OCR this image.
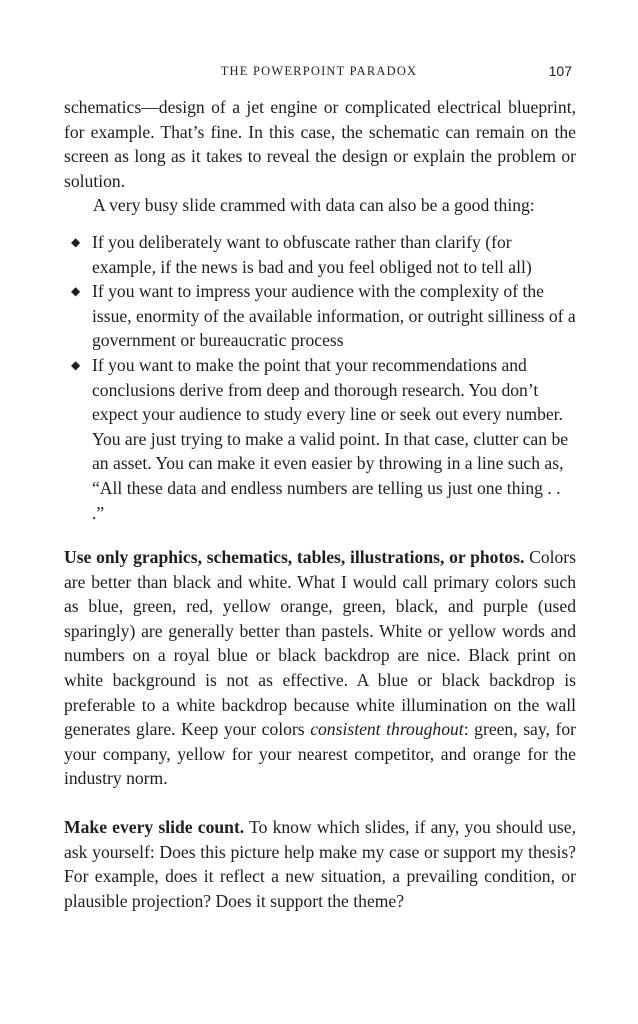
THE POWERPOINT PARADOX	107

schematics—design of a jet engine or complicated electrical blueprint, for example. That’s fine. In this case, the schematic can remain on the screen as long as it takes to reveal the design or explain the problem or solution.

A very busy slide crammed with data can also be a good thing:

◆ If you deliberately want to obfuscate rather than clarify (for example, if the news is bad and you feel obliged not to tell all)
◆ If you want to impress your audience with the complexity of the issue, enormity of the available information, or outright silliness of a government or bureaucratic process
◆ If you want to make the point that your recommendations and conclusions derive from deep and thorough research. You don’t expect your audience to study every line or seek out every number. You are just trying to make a valid point. In that case, clutter can be an asset. You can make it even easier by throwing in a line such as, “All these data and endless numbers are telling us just one thing . . .”

Use only graphics, schematics, tables, illustrations, or photos. Colors are better than black and white. What I would call primary colors such as blue, green, red, yellow orange, green, black, and purple (used sparingly) are generally better than pastels. White or yellow words and numbers on a royal blue or black backdrop are nice. Black print on white background is not as effective. A blue or black backdrop is preferable to a white backdrop because white illumination on the wall generates glare. Keep your colors consistent throughout: green, say, for your company, yellow for your nearest competitor, and orange for the industry norm.

Make every slide count. To know which slides, if any, you should use, ask yourself: Does this picture help make my case or support my thesis? For example, does it reflect a new situation, a prevailing condition, or plausible projection? Does it support the theme?
